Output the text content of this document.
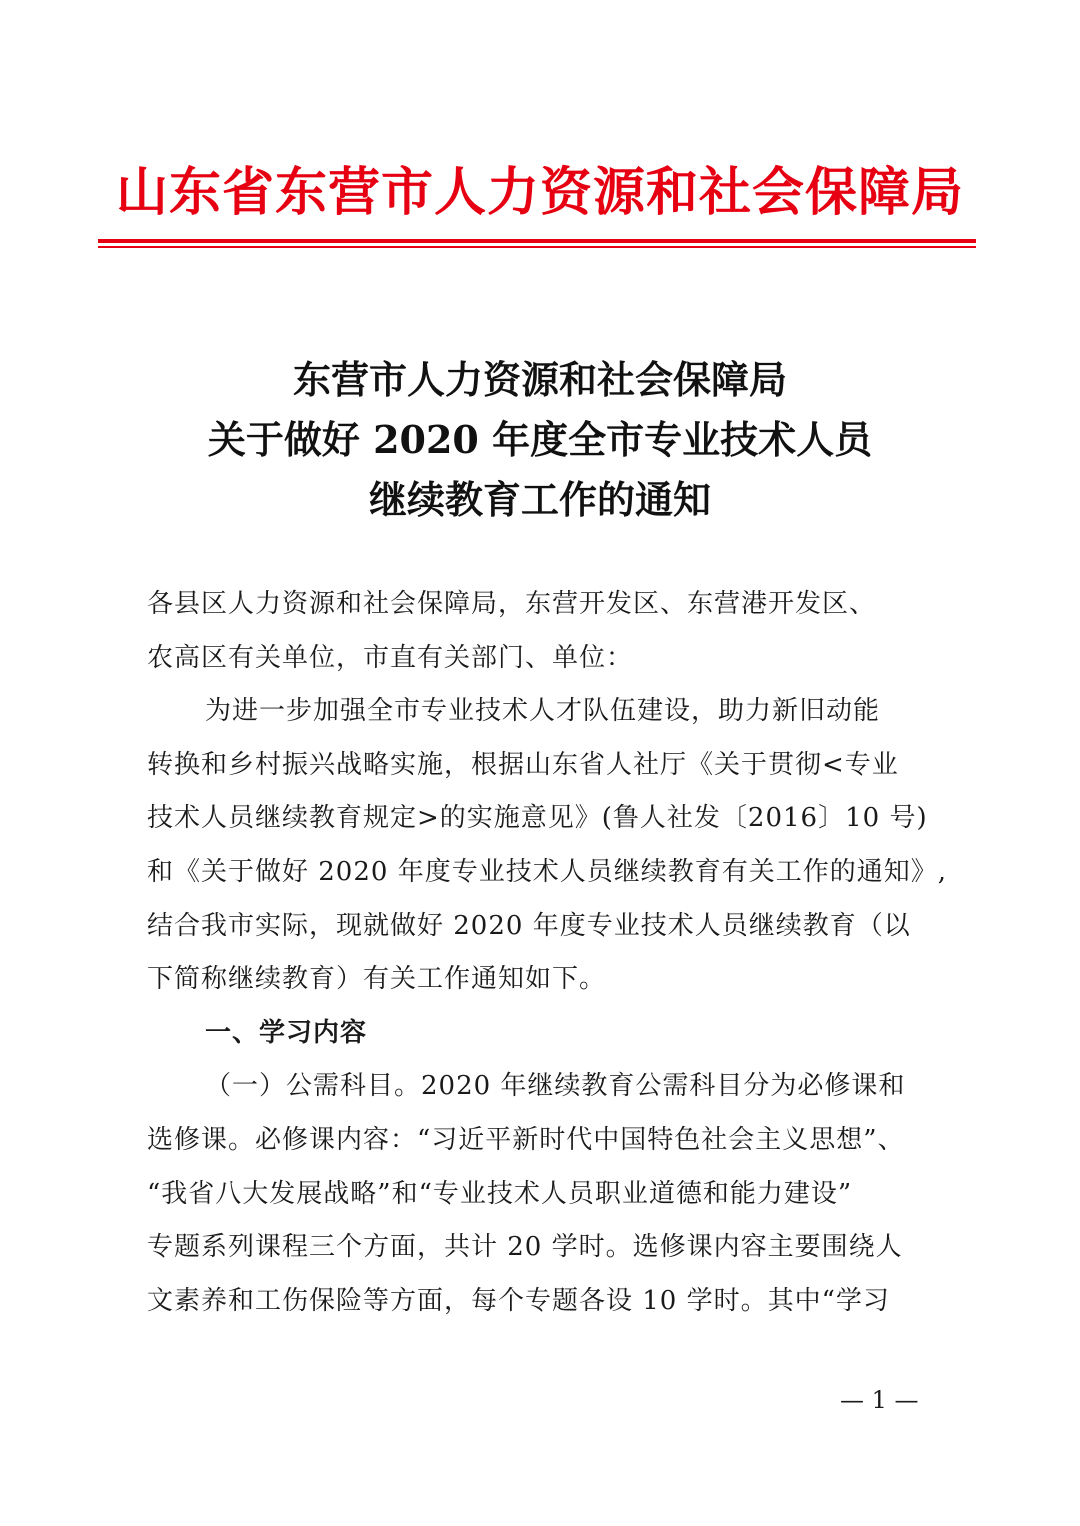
山东省东营市人力资源和社会保障局
东营市人力资源和社会保障局
关于做好 2020 年度全市专业技术人员
继续教育工作的通知

各县区人力资源和社会保障局，东营开发区、东营港开发区、

农高区有关单位，市直有关部门、单位：

为进一步加强全市专业技术人才队伍建设，助力新旧动能

转换和乡村振兴战略实施，根据山东省人社厅《关于贯彻<专业

技术人员继续教育规定>的实施意见》(鲁人社发〔2016〕10 号)

和《关于做好 2020 年度专业技术人员继续教育有关工作的通知》,

结合我市实际，现就做好 2020 年度专业技术人员继续教育（以

下简称继续教育）有关工作通知如下。

一、学习内容

（一）公需科目。2020 年继续教育公需科目分为必修课和

选修课。必修课内容：“习近平新时代中国特色社会主义思想”、

“我省八大发展战略”和“专业技术人员职业道德和能力建设”

专题系列课程三个方面，共计 20 学时。选修课内容主要围绕人

文素养和工伤保险等方面，每个专题各设 10 学时。其中“学习

— 1 —
